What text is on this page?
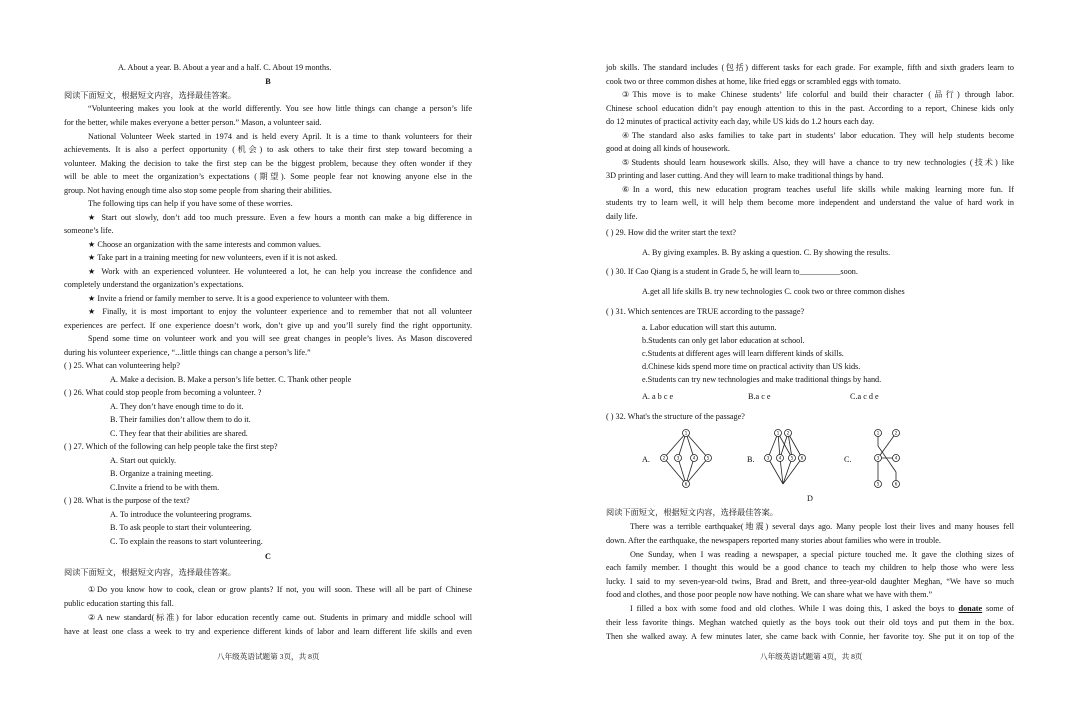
A. About a year. B. About a year and a half. C. About 19 months.
B
阅读下面短文，根据短文内容，选择最佳答案。
“Volunteering makes you look at the world differently. You see how little things can change a person’s life
for the better, while makes everyone a better person.” Mason, a volunteer said.
National Volunteer Week started in 1974 and is held every April. It is a time to thank volunteers for their
achievements. It is also a perfect opportunity (机会) to ask others to take their first step toward becoming a
volunteer. Making the decision to take the first step can be the biggest problem, because they often wonder if they
will be able to meet the organization’s expectations (期望). Some people fear not knowing anyone else in the
group. Not having enough time also stop some people from sharing their abilities.
The following tips can help if you have some of these worries.
★ Start out slowly, don’t add too much pressure. Even a few hours a month can make a big difference in
someone’s life.
★ Choose an organization with the same interests and common values.
★ Take part in a training meeting for new volunteers, even if it is not asked.
★ Work with an experienced volunteer. He volunteered a lot, he can help you increase the confidence and
completely understand the organization’s expectations.
★ Invite a friend or family member to serve. It is a good experience to volunteer with them.
★ Finally, it is most important to enjoy the volunteer experience and to remember that not all volunteer
experiences are perfect. If one experience doesn’t work, don’t give up and you’ll surely find the right opportunity.
Spend some time on volunteer work and you will see great changes in people’s lives. As Mason discovered
during his volunteer experience, “...little things can change a person’s life.”
( ) 25. What can volunteering help?
A. Make a decision. B. Make a person’s life better. C. Thank other people
( ) 26. What could stop people from becoming a volunteer. ?
A. They don’t have enough time to do it.
B. Their families don’t allow them to do it.
C. They fear that their abilities are shared.
( ) 27. Which of the following can help people take the first step?
A. Start out quickly.
B. Organize a training meeting.
C.Invite a friend to be with them.
( ) 28. What is the purpose of the text?
A. To introduce the volunteering programs.
B. To ask people to start their volunteering.
C. To explain the reasons to start volunteering.
C
阅读下面短文，根据短文内容，选择最佳答案。
①Do you know how to cook, clean or grow plants? If not, you will soon. These will all be part of Chinese
public education starting this fall.
②A new standard(标准) for labor education recently came out. Students in primary and middle school will
have at least one class a week to try and experience different kinds of labor and learn different life skills and even
八年级英语试题第 3页，共 8页
job skills. The standard includes (包括) different tasks for each grade. For example, fifth and sixth graders learn to
cook two or three common dishes at home, like fried eggs or scrambled eggs with tomato.
③This move is to make Chinese students’ life colorful and build their character (品行) through labor.
Chinese school education didn’t pay enough attention to this in the past. According to a report, Chinese kids only
do 12 minutes of practical activity each day, while US kids do 1.2 hours each day.
④The standard also asks families to take part in students’ labor education. They will help students become
good at doing all kinds of housework.
⑤Students should learn housework skills. Also, they will have a chance to try new technologies (技术) like
3D printing and laser cutting. And they will learn to make traditional things by hand.
⑥In a word, this new education program teaches useful life skills while making learning more fun. If
students try to learn well, it will help them become more independent and understand the value of hard work in
daily life.
( ) 29. How did the writer start the text?
A. By giving examples. B. By asking a question. C. By showing the results.
( ) 30. If Cao Qiang is a student in Grade 5, he will learn to__________soon.
A.get all life skills B. try new technologies C. cook two or three common dishes
( ) 31. Which sentences are TRUE according to the passage?
a. Labor education will start this autumn.
b.Students can only get labor education at school.
c.Students at different ages will learn different kinds of skills.
d.Chinese kids spend more time on practical activity than US kids.
e.Students can try new technologies and make traditional things by hand.
A. a b c e	B.a c e	C.a c d e
( ) 32. What's the structure of the passage?
A.
1
2	3	4	5
6
B.
1 2
3 4 5 6	C.
1	2
3	4
5	6
D
阅读下面短文，根据短文内容，选择最佳答案。
There was a terrible earthquake(地震) several days ago. Many people lost their lives and many houses fell
down. After the earthquake, the newspapers reported many stories about families who were in trouble.
One Sunday, when I was reading a newspaper, a special picture touched me. It gave the clothing sizes of
each family member. I thought this would be a good chance to teach my children to help those who were less
lucky. I said to my seven-year-old twins, Brad and Brett, and three-year-old daughter Meghan, “We have so much
food and clothes, and those poor people now have nothing. We can share what we have with them.”
I filled a box with some food and old clothes. While I was doing this, I asked the boys to donate some of
their less favorite things. Meghan watched quietly as the boys took out their old toys and put them in the box.
Then she walked away. A few minutes later, she came back with Connie, her favorite toy. She put it on top of the
八年级英语试题第 4页，共 8页
